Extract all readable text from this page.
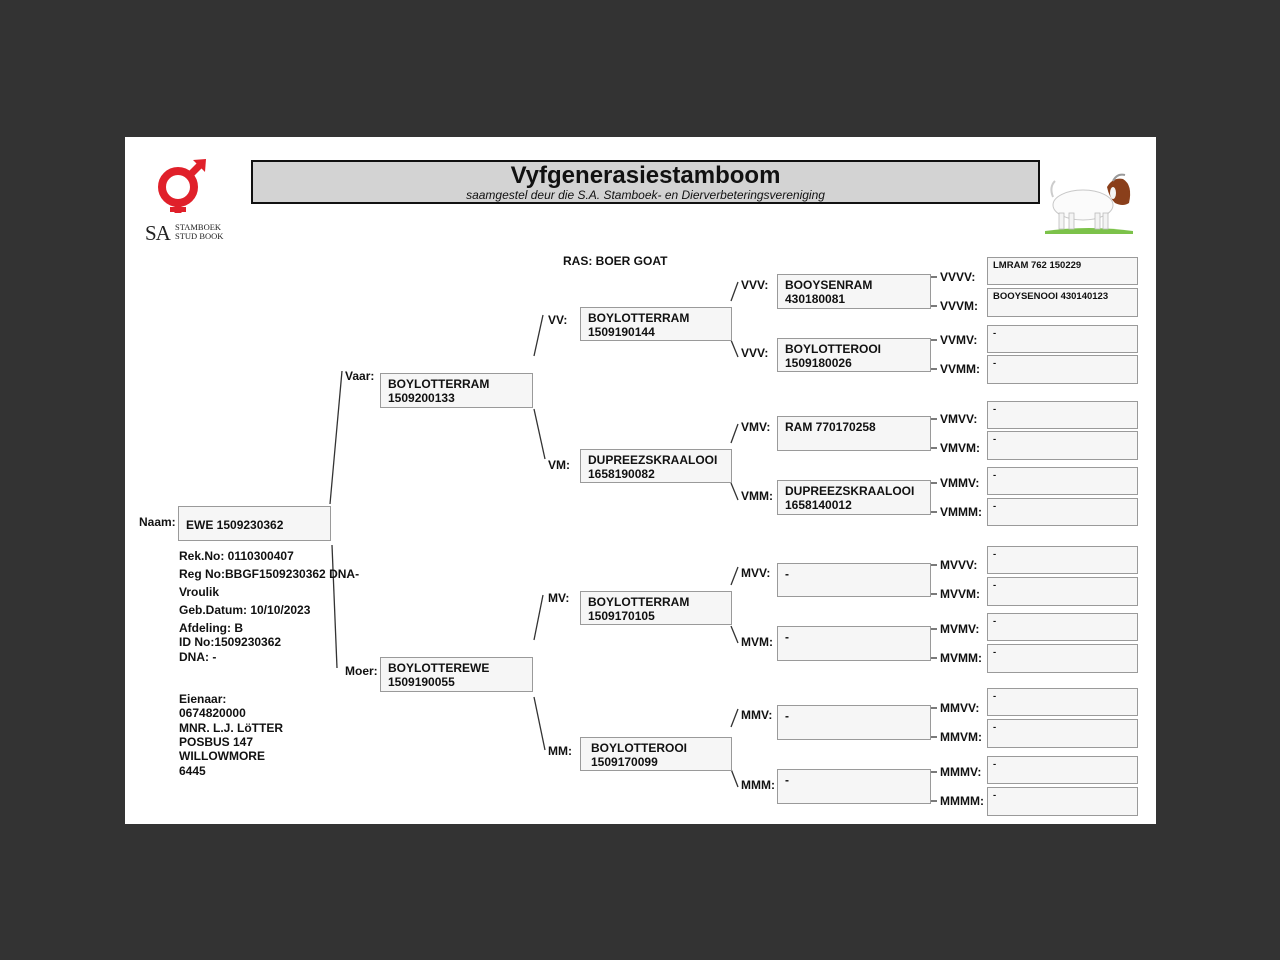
SA STAMBOEK
STUD BOOK
Vyfgenerasiestamboom
saamgestel deur die S.A. Stamboek- en Dierverbeteringsvereniging
RAS: BOER GOAT
Naam: EWE 1509230362
Rek.No: 0110300407
Reg No:BBGF1509230362 DNA-
Vroulik
Geb.Datum: 10/10/2023
Afdeling: B
ID No:1509230362
DNA: -
Eienaar:
0674820000
MNR. L.J. LöTTER
POSBUS 147
WILLOWMORE
6445
Vaar:
BOYLOTTERRAM
1509200133
Moer: BOYLOTTEREWE
1509190055
VV: BOYLOTTERRAM
1509190144
VM: DUPREEZSKRAALOOI
1658190082
MV: BOYLOTTERRAM
1509170105
MM: BOYLOTTEROOI
1509170099
VVV: BOOYSENRAM
430180081
VVV: BOYLOTTEROOI
1509180026
VMV: RAM 770170258
VMM: DUPREEZSKRAALOOI
1658140012
MVV: -
MVM: -
MMV: -
MMM: -
VVVV:
VVVM:
VVMV:
VVMM:
VMVV:
VMVM:
VMMV:
VMMM:
MVVV:
MVVM:
MVMV:
MVMM:
MMVV:
MMVM:
MMMV:
MMMM:
LMRAM 762 150229
BOOYSENOOI 430140123
-
-
-
-
-
-
-
-
-
-
-
-
-
-
